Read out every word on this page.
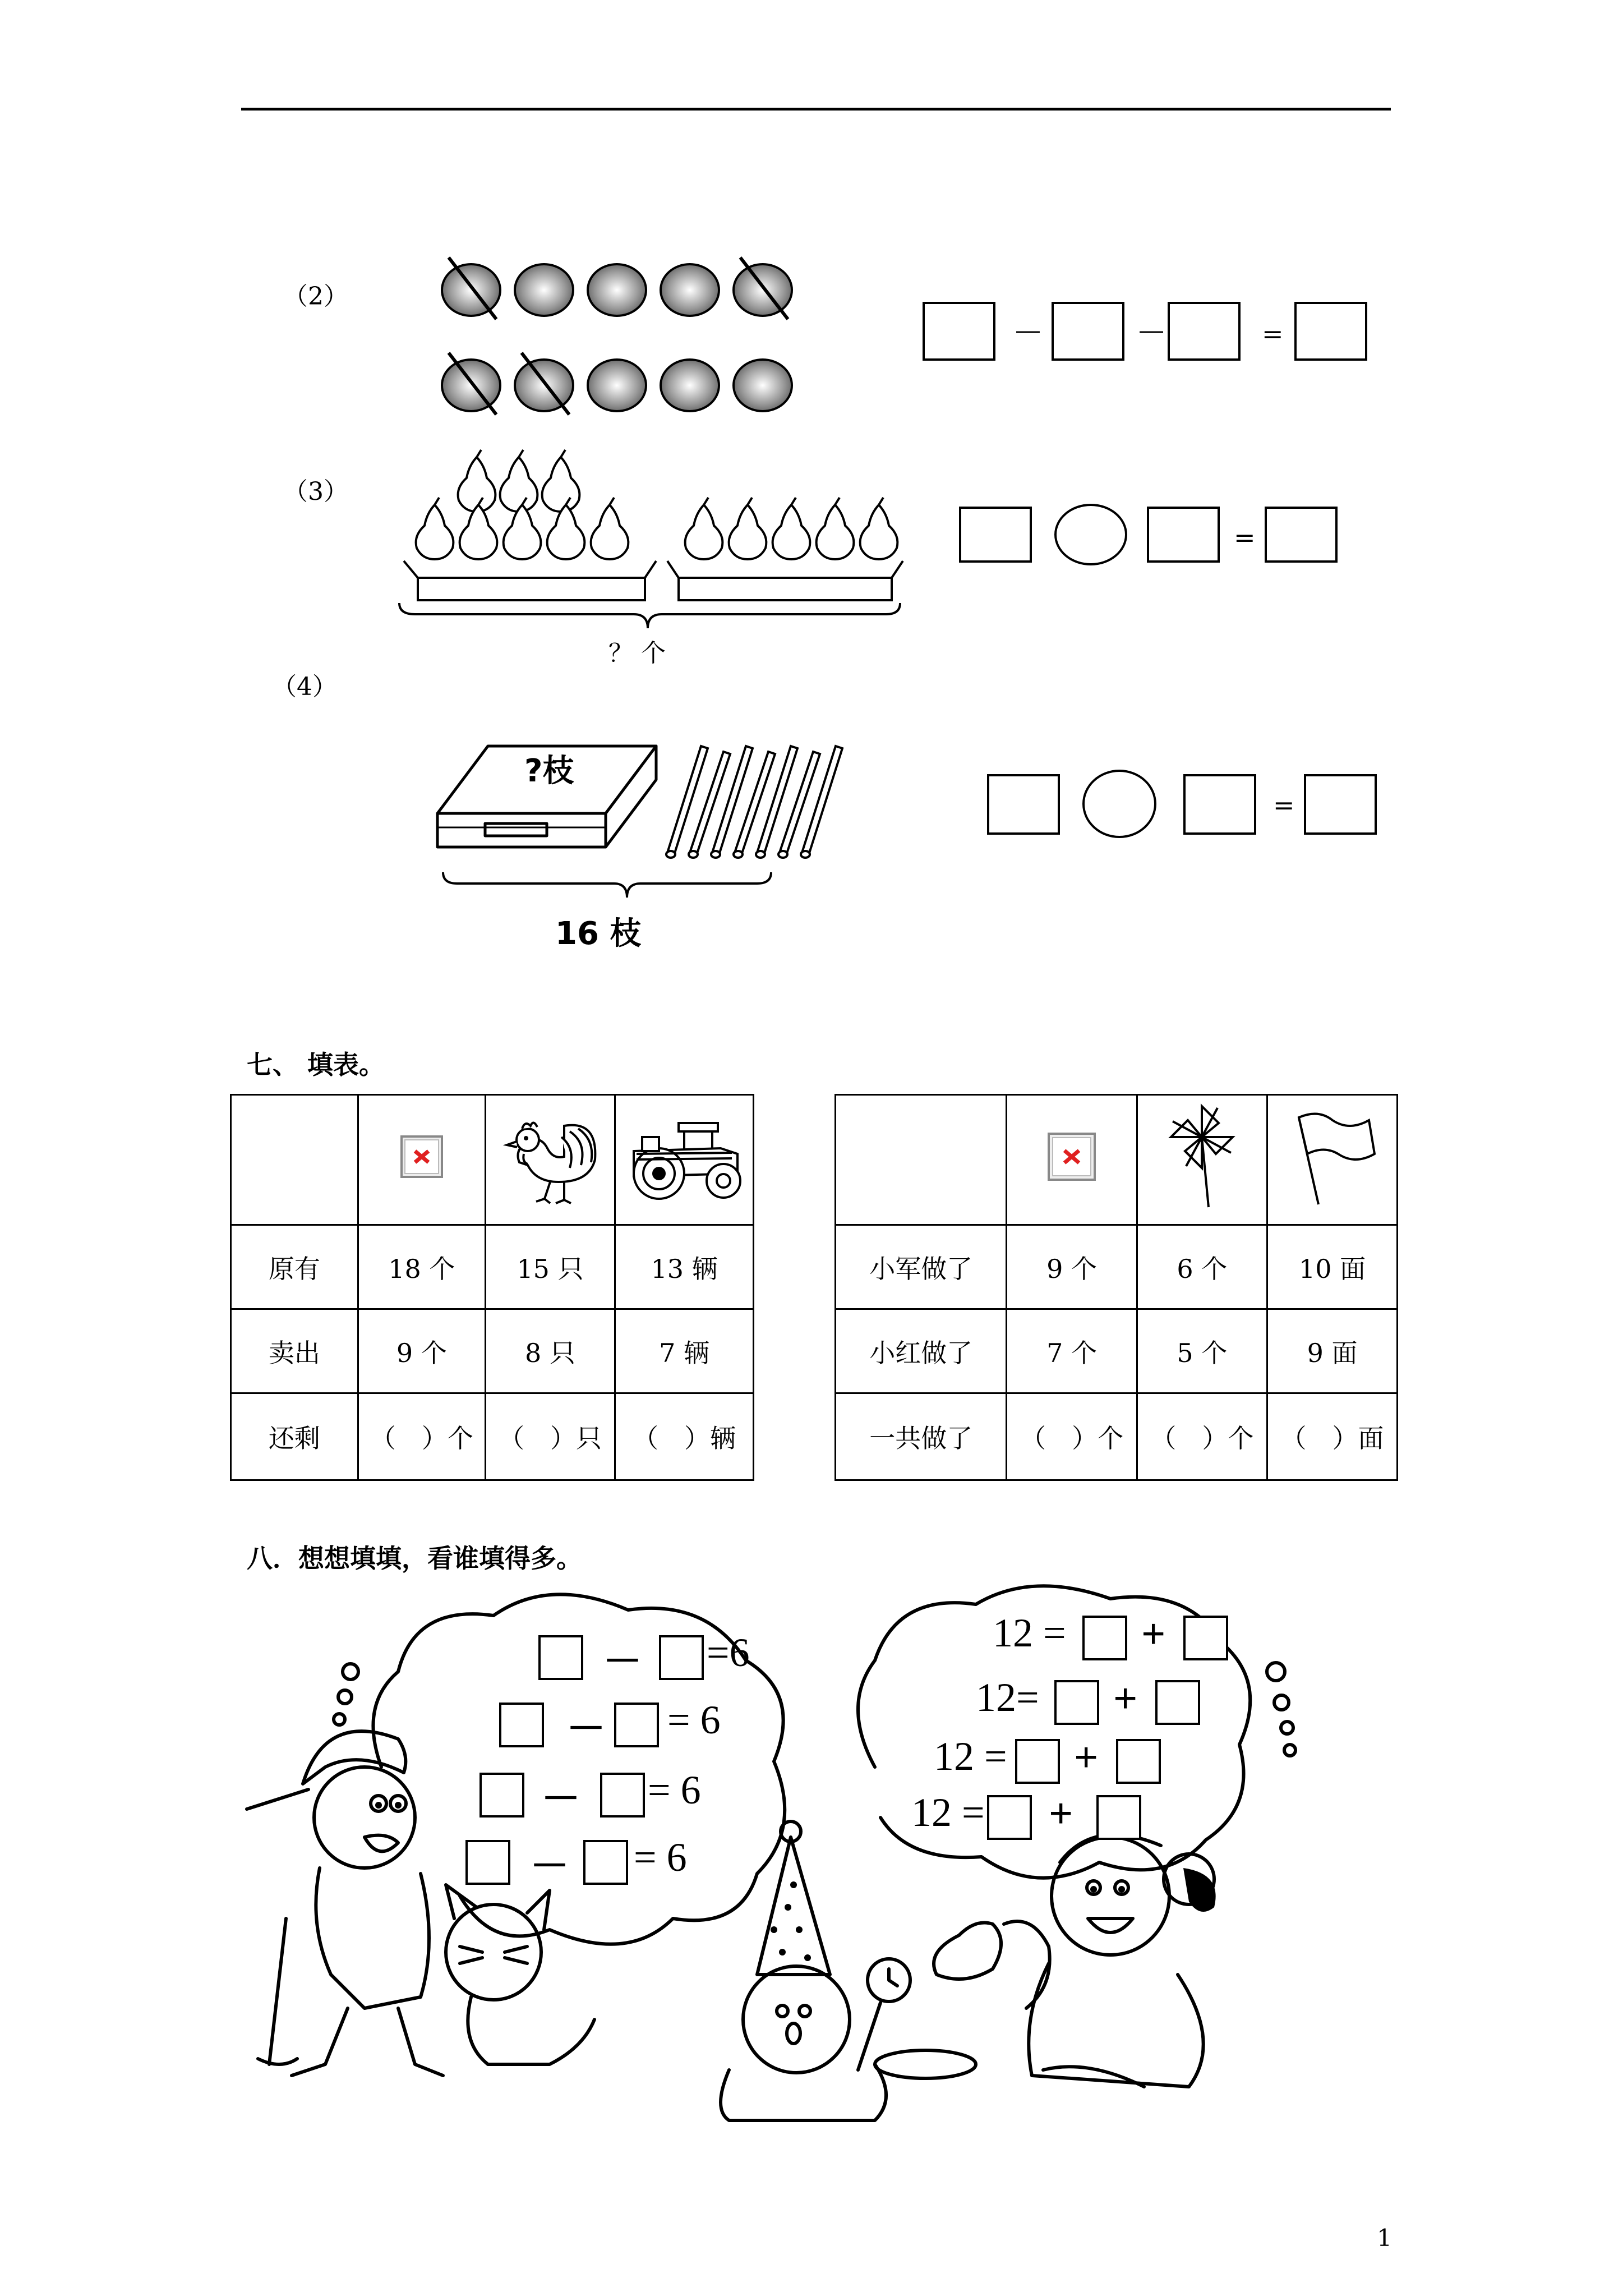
（2）
—	—	=
（3）
？ 个
=
（4）
?枝
16 枝
=
七、 填表。

原有	18 个	15 只	13 辆
卖出	9 个	8 只	7 辆
还剩	（　）个	（　）只	（　）辆

小军做了	9 个	6 个	10 面
小红做了	7 个	5 个	9 面
一共做了	（　）个	（　）个	（　）面
八．想想填填，看谁填得多。
－ =6
－ = 6
－ = 6
－ = 6
12 = +
12= +
12 = +
12 = +
1
